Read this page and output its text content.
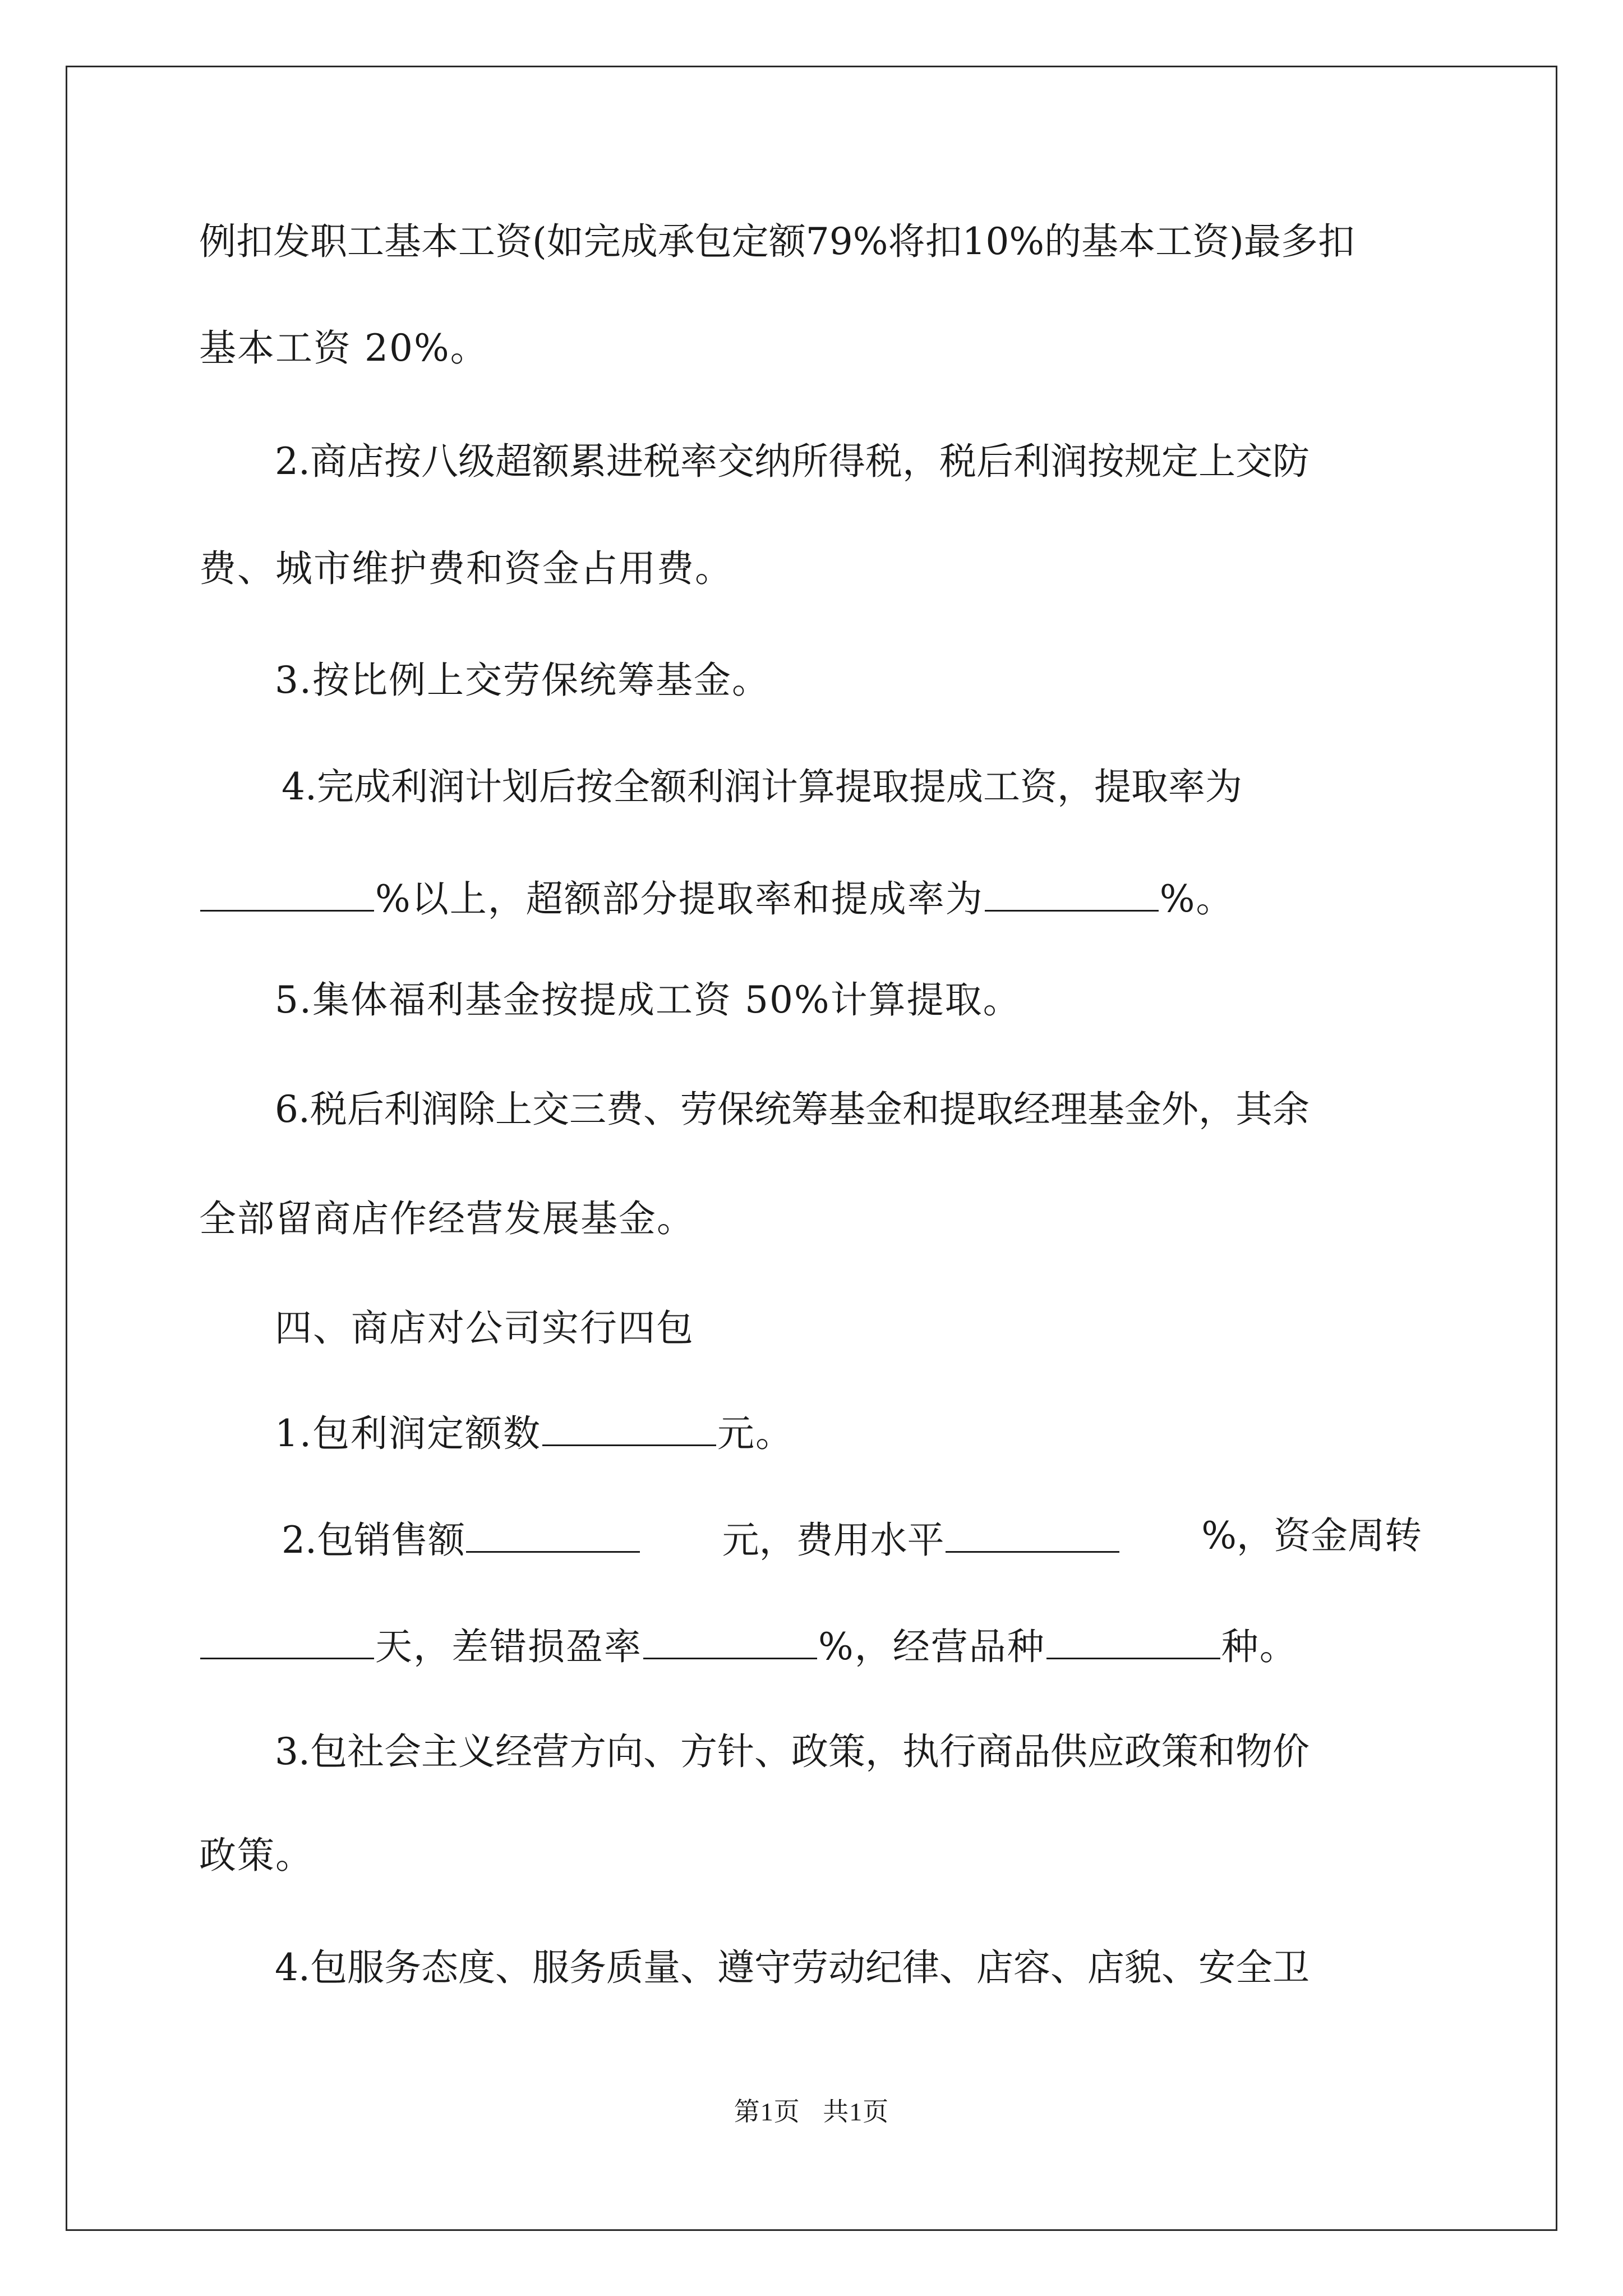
例扣发职工基本工资(如完成承包定额79%将扣10%的基本工资)最多扣
基本工资 20%。
2.商店按八级超额累进税率交纳所得税，税后利润按规定上交防
费、城市维护费和资金占用费。
3.按比例上交劳保统筹基金。
4.完成利润计划后按全额利润计算提取提成工资，提取率为
%以上，超额部分提取率和提成率为	%。
5.集体福利基金按提成工资 50%计算提取。
6.税后利润除上交三费、劳保统筹基金和提取经理基金外，其余
全部留商店作经营发展基金。
四、商店对公司实行四包
1.包利润定额数	元。
2.包销售额	元，费用水平	%，资金周转
天，差错损盈率	%，经营品种	种。
3.包社会主义经营方向、方针、政策，执行商品供应政策和物价
政策。
4.包服务态度、服务质量、遵守劳动纪律、店容、店貌、安全卫
第1页 共1页
